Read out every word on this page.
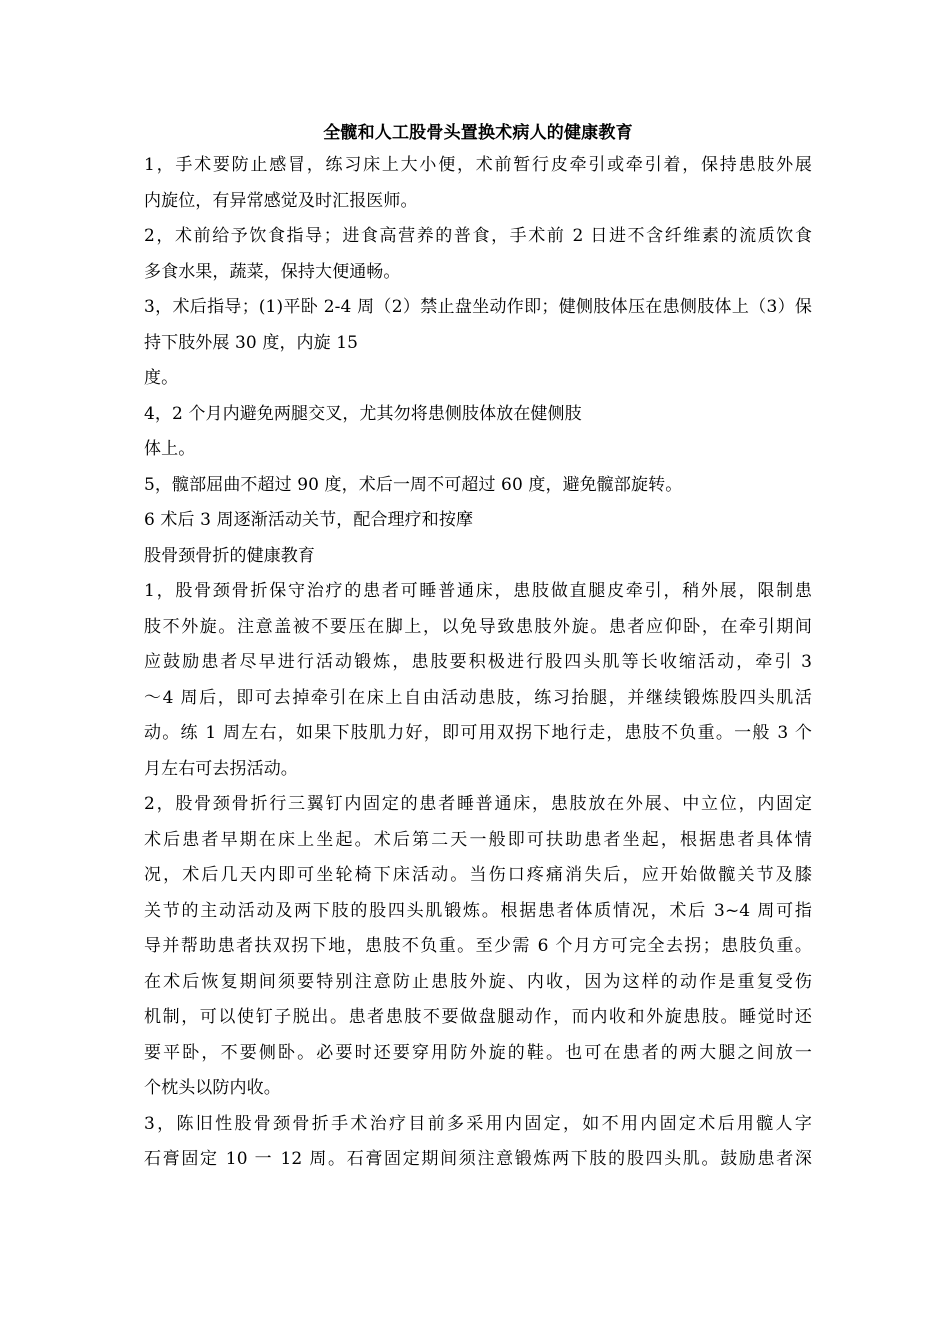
全髋和人工股骨头置换术病人的健康教育
1，手术要防止感冒，练习床上大小便，术前暂行皮牵引或牵引着，保持患肢外展
内旋位，有异常感觉及时汇报医师。
2，术前给予饮食指导；进食高营养的普食，手术前 2 日进不含纤维素的流质饮食
多食水果，蔬菜，保持大便通畅。
3，术后指导；(1)平卧 2-4 周（2）禁止盘坐动作即；健侧肢体压在患侧肢体上（3）保
持下肢外展 30 度，内旋 15
度。
4，2 个月内避免两腿交叉，尤其勿将患侧肢体放在健侧肢
体上。
5，髋部屈曲不超过 90 度，术后一周不可超过 60 度，避免髋部旋转。
6 术后 3 周逐渐活动关节，配合理疗和按摩
股骨颈骨折的健康教育
1，股骨颈骨折保守治疗的患者可睡普通床，患肢做直腿皮牵引，稍外展，限制患
肢不外旋。注意盖被不要压在脚上，以免导致患肢外旋。患者应仰卧，在牵引期间
应鼓励患者尽早进行活动锻炼，患肢要积极进行股四头肌等长收缩活动，牵引 3
～4 周后，即可去掉牵引在床上自由活动患肢，练习抬腿，并继续锻炼股四头肌活
动。练 1 周左右，如果下肢肌力好，即可用双拐下地行走，患肢不负重。一般 3 个
月左右可去拐活动。
2，股骨颈骨折行三翼钉内固定的患者睡普通床，患肢放在外展、中立位，内固定
术后患者早期在床上坐起。术后第二天一般即可扶助患者坐起，根据患者具体情
况，术后几天内即可坐轮椅下床活动。当伤口疼痛消失后，应开始做髋关节及膝
关节的主动活动及两下肢的股四头肌锻炼。根据患者体质情况，术后 3~4 周可指
导并帮助患者扶双拐下地，患肢不负重。至少需 6 个月方可完全去拐；患肢负重。
在术后恢复期间须要特别注意防止患肢外旋、内收，因为这样的动作是重复受伤
机制，可以使钉子脱出。患者患肢不要做盘腿动作，而内收和外旋患肢。睡觉时还
要平卧，不要侧卧。必要时还要穿用防外旋的鞋。也可在患者的两大腿之间放一
个枕头以防内收。
3，陈旧性股骨颈骨折手术治疗目前多采用内固定，如不用内固定术后用髋人字
石膏固定 10 一 12 周。石膏固定期间须注意锻炼两下肢的股四头肌。鼓励患者深
